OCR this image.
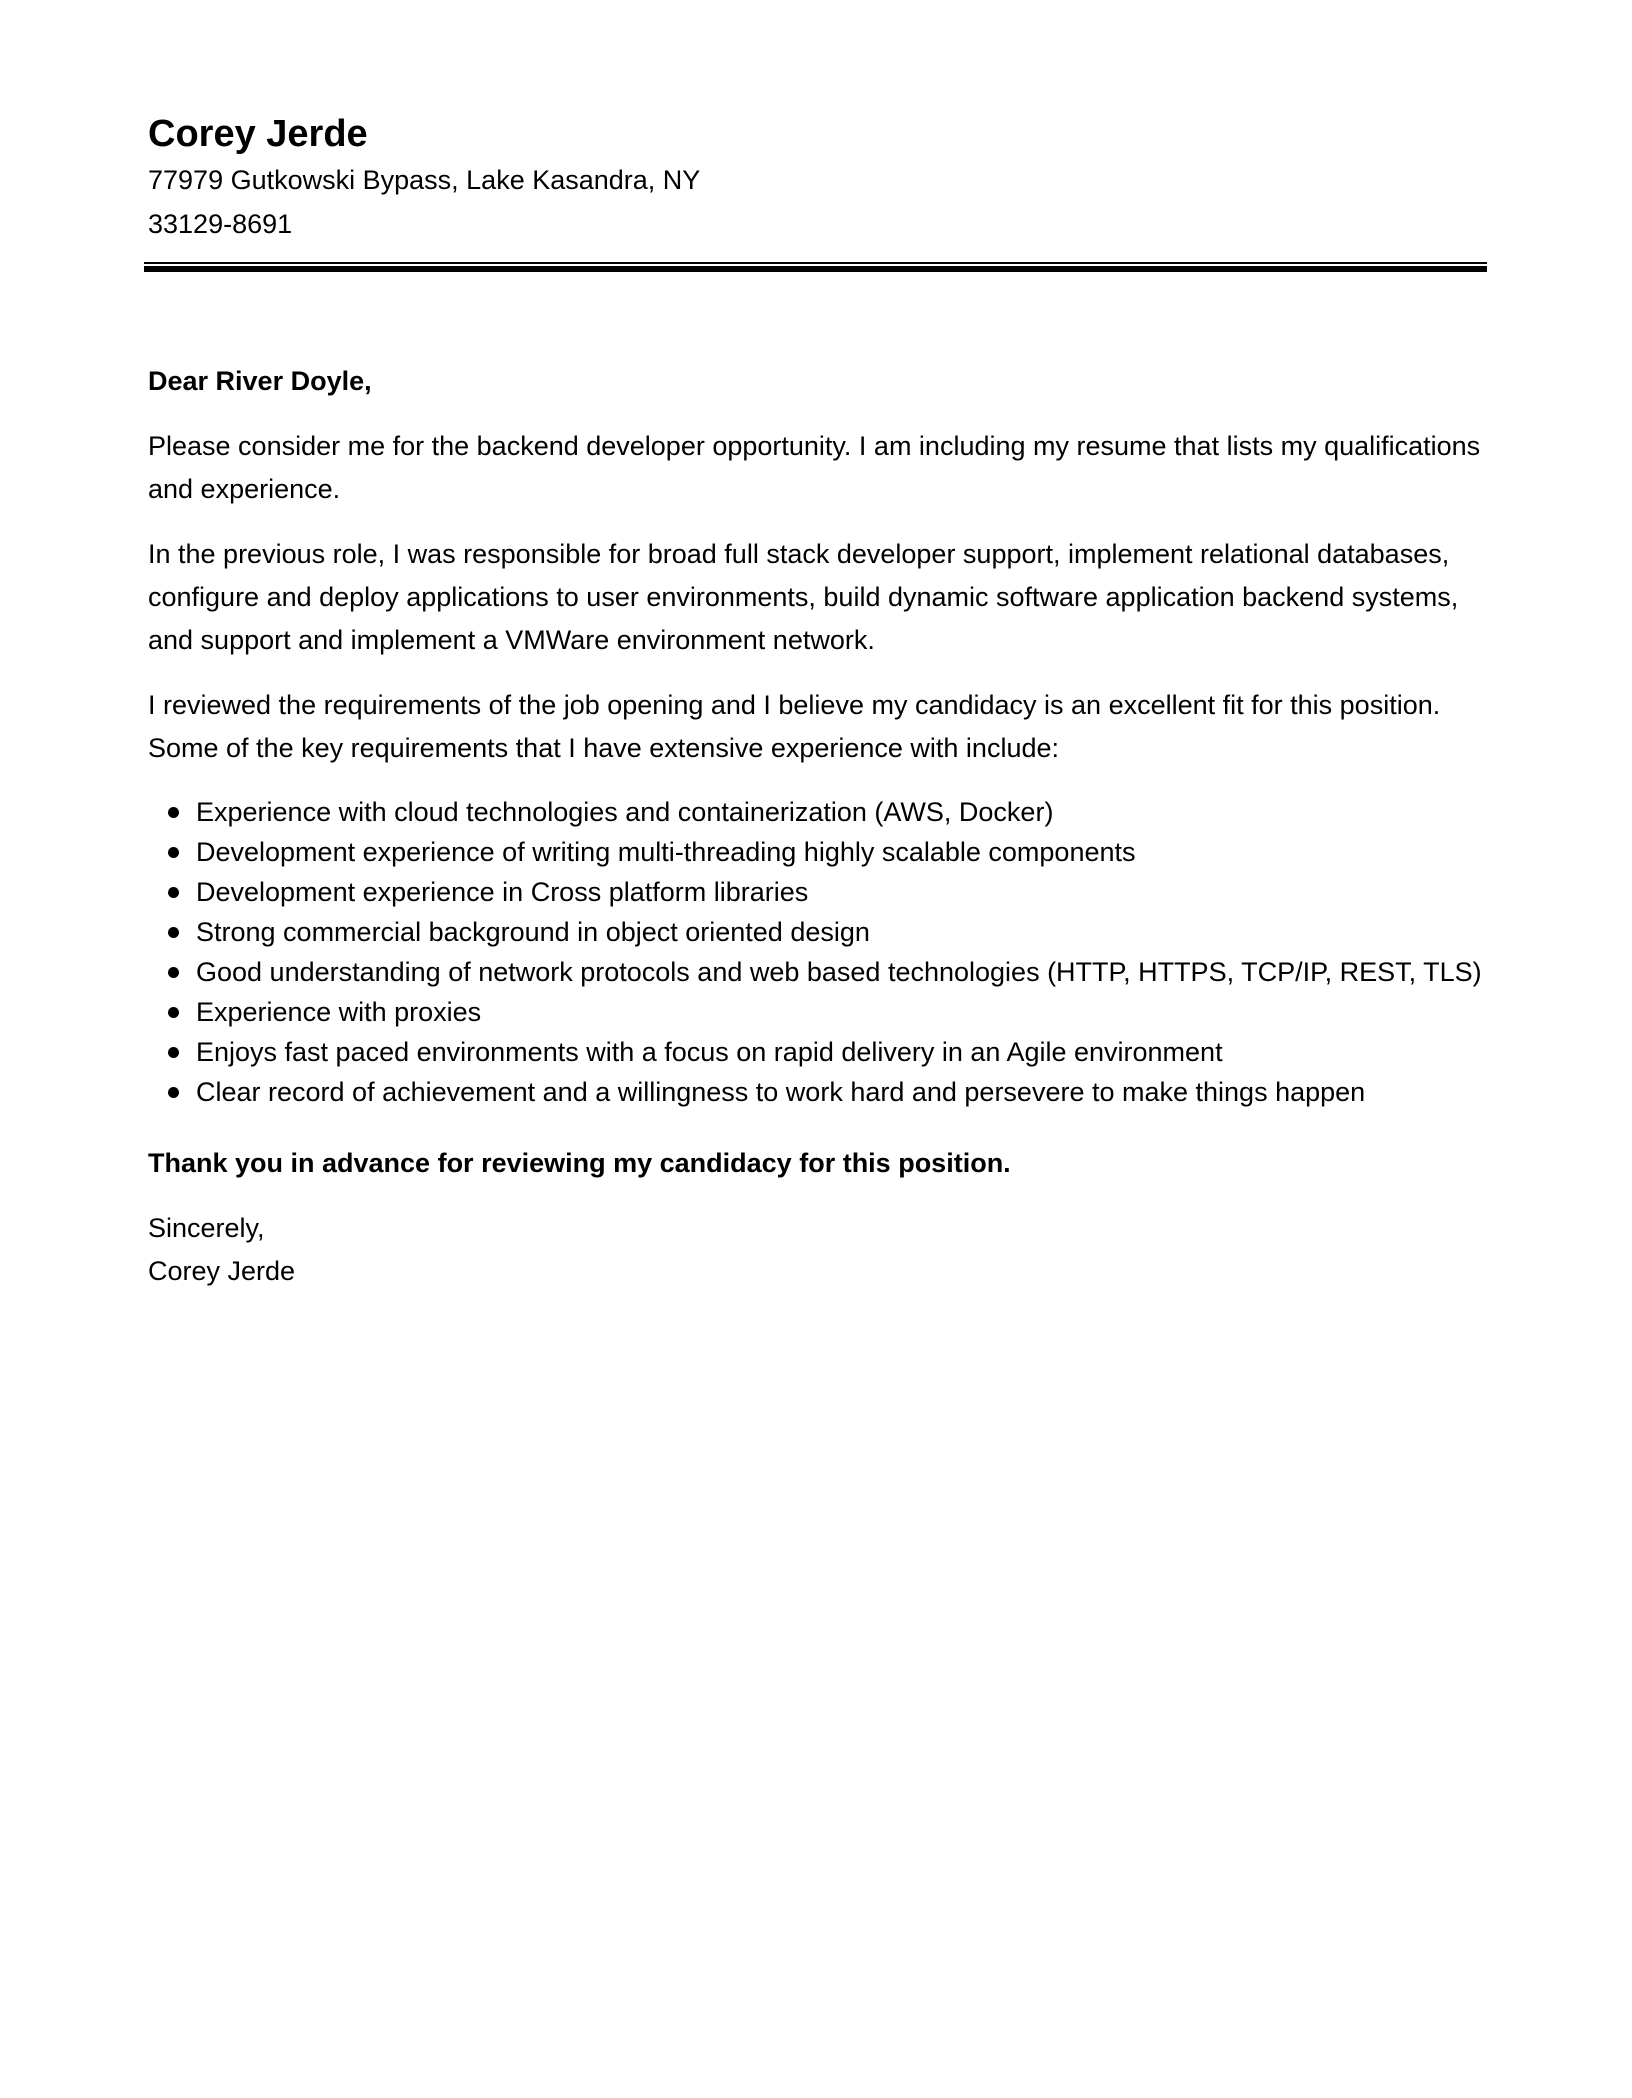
Corey Jerde

77979 Gutkowski Bypass, Lake Kasandra, NY

33129-8691

Dear River Doyle,

Please consider me for the backend developer opportunity. I am including my resume that lists my qualifications and experience.

In the previous role, I was responsible for broad full stack developer support, implement relational databases, configure and deploy applications to user environments, build dynamic software application backend systems, and support and implement a VMWare environment network.

I reviewed the requirements of the job opening and I believe my candidacy is an excellent fit for this position. Some of the key requirements that I have extensive experience with include:

Experience with cloud technologies and containerization (AWS, Docker)
Development experience of writing multi-threading highly scalable components
Development experience in Cross platform libraries
Strong commercial background in object oriented design
Good understanding of network protocols and web based technologies (HTTP, HTTPS, TCP/IP, REST, TLS)
Experience with proxies
Enjoys fast paced environments with a focus on rapid delivery in an Agile environment
Clear record of achievement and a willingness to work hard and persevere to make things happen

Thank you in advance for reviewing my candidacy for this position.

Sincerely,

Corey Jerde
